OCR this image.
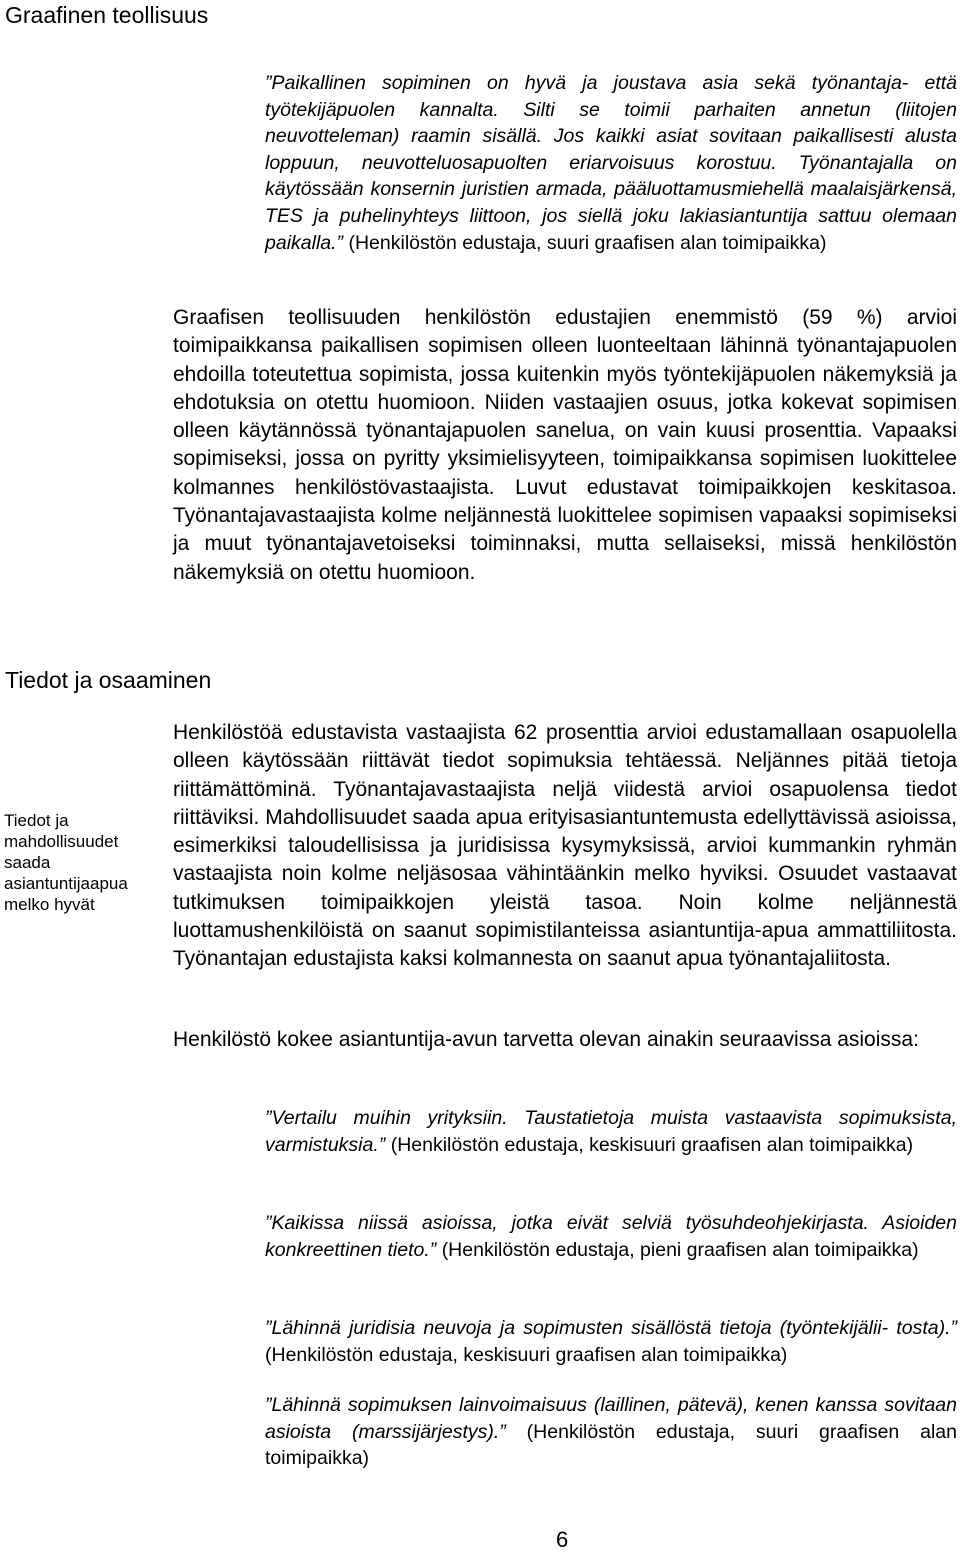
Graafinen teollisuus

”Paikallinen sopiminen on hyvä ja joustava asia sekä työnantaja- että työtekijäpuolen kannalta. Silti se toimii parhaiten annetun (liitojen neuvotteleman) raamin sisällä. Jos kaikki asiat sovitaan paikallisesti alusta loppuun, neuvotteluosapuolten eriarvoisuus korostuu. Työnantajalla on käytössään konsernin juristien armada, pääluottamusmiehellä maalaisjärkensä, TES ja puhelinyhteys liittoon, jos siellä joku lakiasiantuntija sattuu olemaan paikalla.” (Henkilöstön edustaja, suuri graafisen alan toimipaikka)

Graafisen teollisuuden henkilöstön edustajien enemmistö (59 %) arvioi toimipaikkansa paikallisen sopimisen olleen luonteeltaan lähinnä työnantajapuolen ehdoilla toteutettua sopimista, jossa kuitenkin myös työntekijäpuolen näkemyksiä ja ehdotuksia on otettu huomioon. Niiden vastaajien osuus, jotka kokevat sopimisen olleen käytännössä työnantajapuolen sanelua, on vain kuusi prosenttia. Vapaaksi sopimiseksi, jossa on pyritty yksimielisyyteen, toimipaikkansa sopimisen luokittelee kolmannes henkilöstövastaajista. Luvut edustavat toimipaikkojen keskitasoa. Työnantajavastaajista kolme neljännestä luokittelee sopimisen vapaaksi sopimiseksi ja muut työnantajavetoiseksi toiminnaksi, mutta sellaiseksi, missä henkilöstön näkemyksiä on otettu huomioon.

Tiedot ja osaaminen

Tiedot ja mahdollisuudet saada asiantuntijaapua melko hyvät

Henkilöstöä edustavista vastaajista 62 prosenttia arvioi edustamallaan osapuolella olleen käytössään riittävät tiedot sopimuksia tehtäessä. Neljännes pitää tietoja riittämättöminä. Työnantajavastaajista neljä viidestä arvioi osapuolensa tiedot riittäviksi. Mahdollisuudet saada apua erityisasiantuntemusta edellyttävissä asioissa, esimerkiksi taloudellisissa ja juridisissa kysymyksissä, arvioi kummankin ryhmän vastaajista noin kolme neljäsosaa vähintäänkin melko hyviksi. Osuudet vastaavat tutkimuksen toimipaikkojen yleistä tasoa. Noin kolme neljännestä luottamushenkilöistä on saanut sopimistilanteissa asiantuntija-apua ammattiliitosta. Työnantajan edustajista kaksi kolmannesta on saanut apua työnantajaliitosta.

Henkilöstö kokee asiantuntija-avun tarvetta olevan ainakin seuraavissa asioissa:

”Vertailu muihin yrityksiin. Taustatietoja muista vastaavista sopimuksista, varmistuksia.” (Henkilöstön edustaja, keskisuuri graafisen alan toimipaikka)

”Kaikissa niissä asioissa, jotka eivät selviä työsuhdeohjekirjasta. Asioiden konkreettinen tieto.” (Henkilöstön edustaja, pieni graafisen alan toimipaikka)

”Lähinnä juridisia neuvoja ja sopimusten sisällöstä tietoja (työntekijälii- tosta).” (Henkilöstön edustaja, keskisuuri graafisen alan toimipaikka)

”Lähinnä sopimuksen lainvoimaisuus (laillinen, pätevä), kenen kanssa sovitaan asioista (marssijärjestys).” (Henkilöstön edustaja, suuri graafisen alan toimipaikka)

6
